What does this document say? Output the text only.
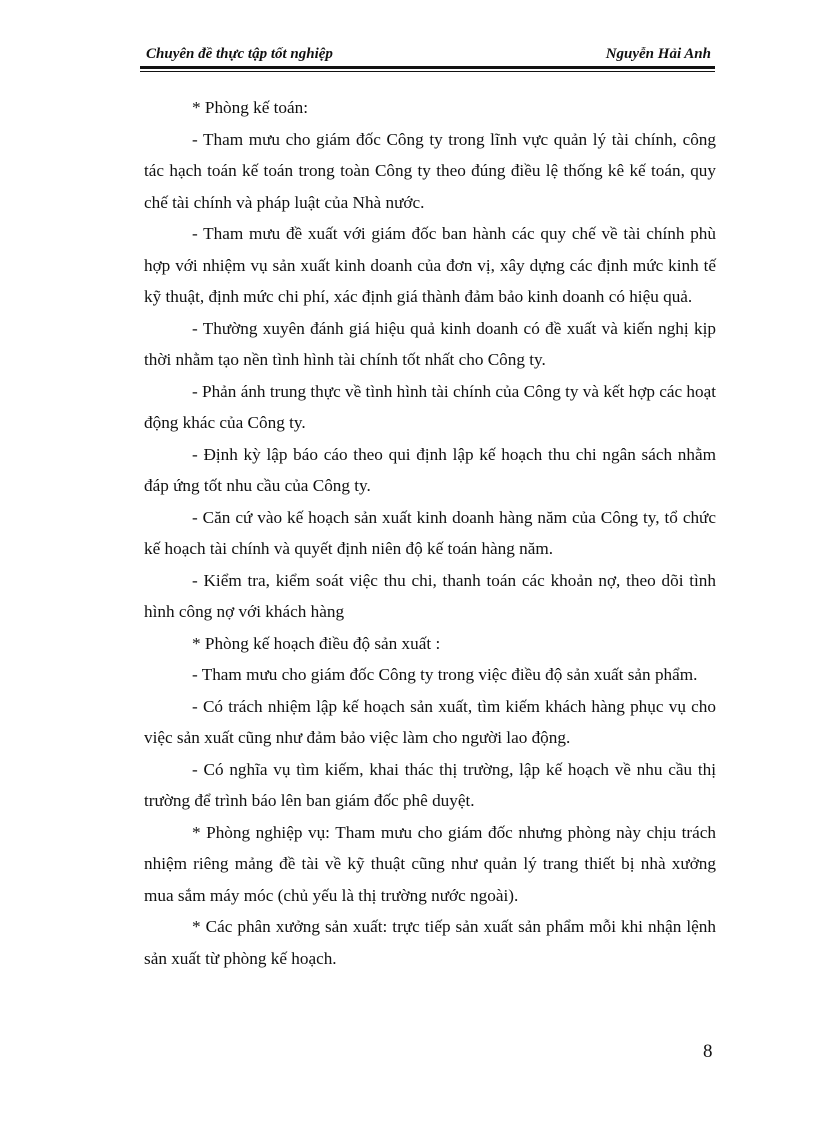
Chuyên đề thực tập tốt nghiệp	Nguyễn Hải Anh

* Phòng kế toán:

- Tham mưu cho giám đốc Công ty trong lĩnh vực quản lý tài chính, công tác hạch toán kế toán trong toàn Công ty theo đúng điều lệ thống kê kế toán, quy chế tài chính và pháp luật của Nhà nước.

- Tham mưu đề xuất với giám đốc ban hành các quy chế về tài chính phù hợp với nhiệm vụ sản xuất kinh doanh của đơn vị, xây dựng các định mức kinh tế kỹ thuật, định mức chi phí, xác định giá thành đảm bảo kinh doanh có hiệu quả.

- Thường xuyên đánh giá hiệu quả kinh doanh có đề xuất và kiến nghị kịp thời nhằm tạo nền tình hình tài chính tốt nhất cho Công ty.

- Phản ánh trung thực về tình hình tài chính của Công ty và kết hợp các hoạt động khác của Công ty.

- Định kỳ lập báo cáo theo qui định lập kế hoạch thu chi ngân sách nhằm đáp ứng tốt nhu cầu của Công ty.

- Căn cứ vào kế hoạch sản xuất kinh doanh hàng năm của Công ty, tổ chức kế hoạch tài chính và quyết định niên độ kế toán hàng năm.

- Kiểm tra, kiểm soát việc thu chi, thanh toán các khoản nợ, theo dõi tình hình công nợ với khách hàng

* Phòng kế hoạch điều độ sản xuất :

- Tham mưu cho giám đốc Công ty trong việc điều độ sản xuất sản phẩm.

- Có trách nhiệm lập kế hoạch sản xuất, tìm kiếm khách hàng phục vụ cho việc sản xuất cũng như đảm bảo việc làm cho người lao động.

- Có nghĩa vụ tìm kiếm, khai thác thị trường, lập kế hoạch về nhu cầu thị trường để trình báo lên ban giám đốc phê duyệt.

* Phòng nghiệp vụ: Tham mưu cho giám đốc nhưng phòng này chịu trách nhiệm riêng mảng đề tài về kỹ thuật cũng như quản lý trang thiết bị nhà xưởng mua sắm máy móc (chủ yếu là thị trường nước ngoài).

* Các phân xưởng sản xuất: trực tiếp sản xuất sản phẩm mỗi khi nhận lệnh sản xuất từ phòng kế hoạch.

8
